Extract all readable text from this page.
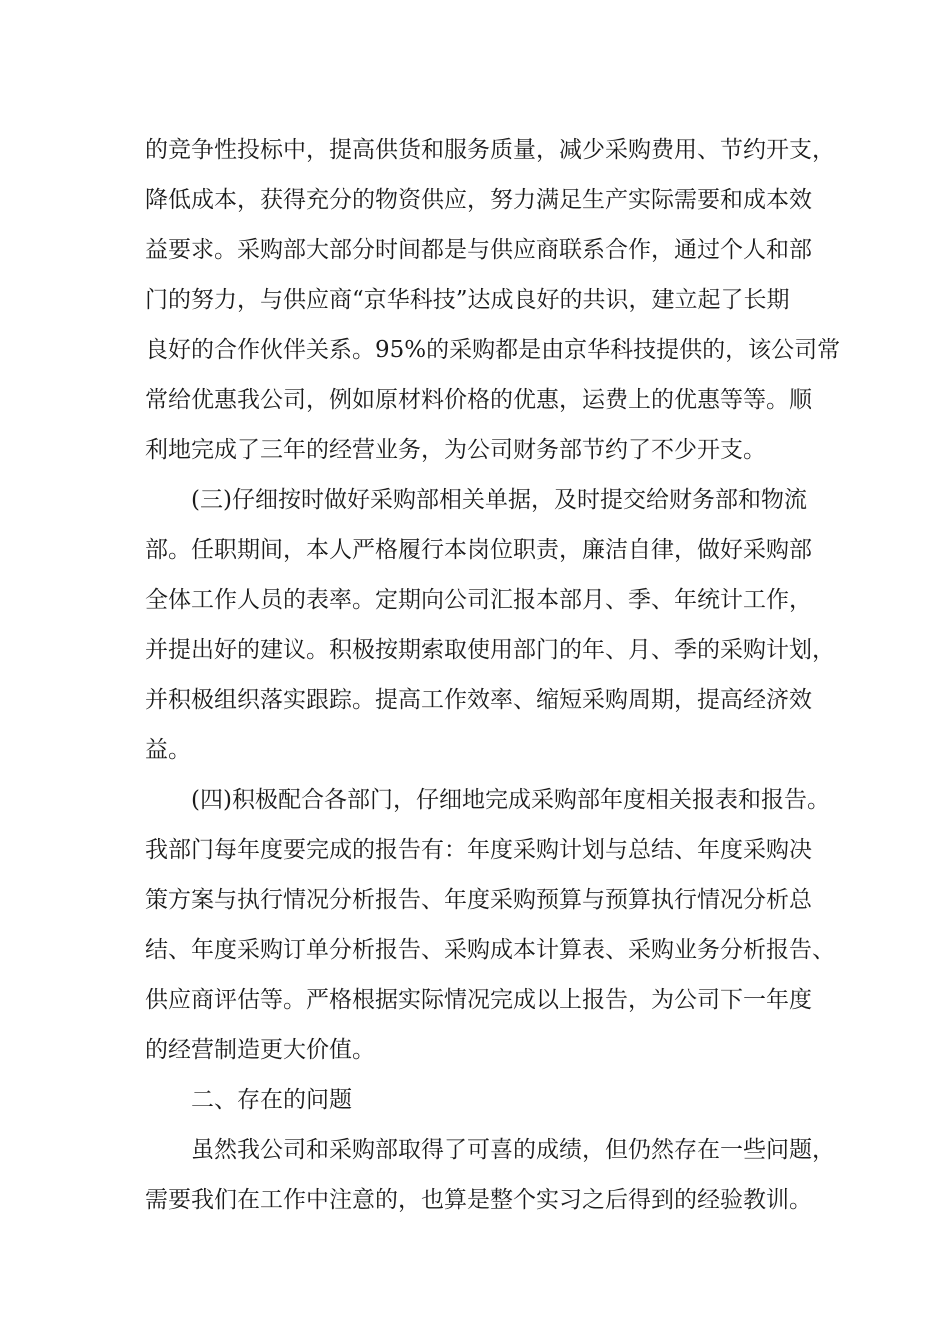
的竞争性投标中，提高供货和服务质量，减少采购费用、节约开支，

降低成本，获得充分的物资供应，努力满足生产实际需要和成本效

益要求。采购部大部分时间都是与供应商联系合作，通过个人和部

门的努力，与供应商“京华科技”达成良好的共识，建立起了长期

良好的合作伙伴关系。95%的采购都是由京华科技提供的，该公司常

常给优惠我公司，例如原材料价格的优惠，运费上的优惠等等。顺

利地完成了三年的经营业务，为公司财务部节约了不少开支。

(三)仔细按时做好采购部相关单据，及时提交给财务部和物流

部。任职期间，本人严格履行本岗位职责，廉洁自律，做好采购部

全体工作人员的表率。定期向公司汇报本部月、季、年统计工作，

并提出好的建议。积极按期索取使用部门的年、月、季的采购计划，

并积极组织落实跟踪。提高工作效率、缩短采购周期，提高经济效

益。

(四)积极配合各部门，仔细地完成采购部年度相关报表和报告。

我部门每年度要完成的报告有：年度采购计划与总结、年度采购决

策方案与执行情况分析报告、年度采购预算与预算执行情况分析总

结、年度采购订单分析报告、采购成本计算表、采购业务分析报告、

供应商评估等。严格根据实际情况完成以上报告，为公司下一年度

的经营制造更大价值。

二、存在的问题

虽然我公司和采购部取得了可喜的成绩，但仍然存在一些问题，

需要我们在工作中注意的，也算是整个实习之后得到的经验教训。
